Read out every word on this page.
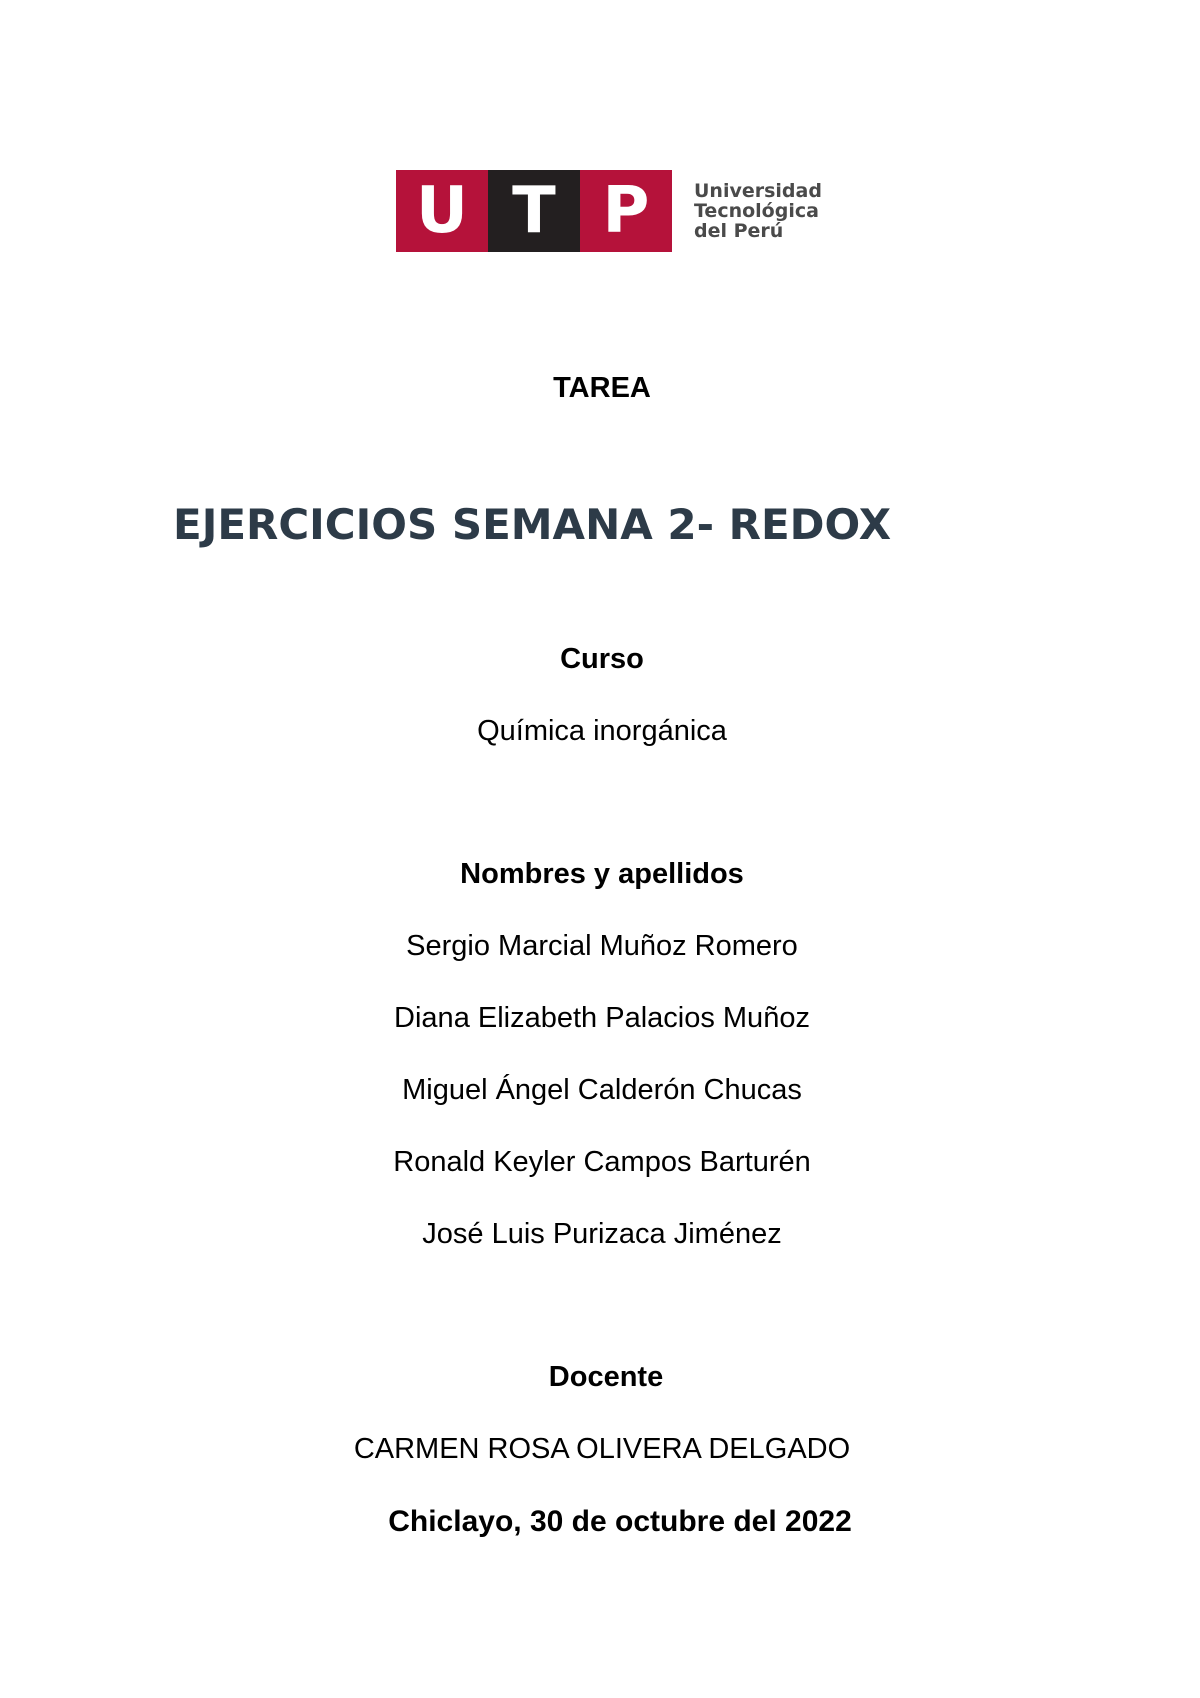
U T P	Universidad
Tecnológica
del Perú
TAREA
EJERCICIOS SEMANA 2- REDOX
Curso
Química inorgánica
Nombres y apellidos
Sergio Marcial Muñoz Romero
Diana Elizabeth Palacios Muñoz
Miguel Ángel Calderón Chucas
Ronald Keyler Campos Barturén
José Luis Purizaca Jiménez
Docente
CARMEN ROSA OLIVERA DELGADO
Chiclayo, 30 de octubre del 2022
